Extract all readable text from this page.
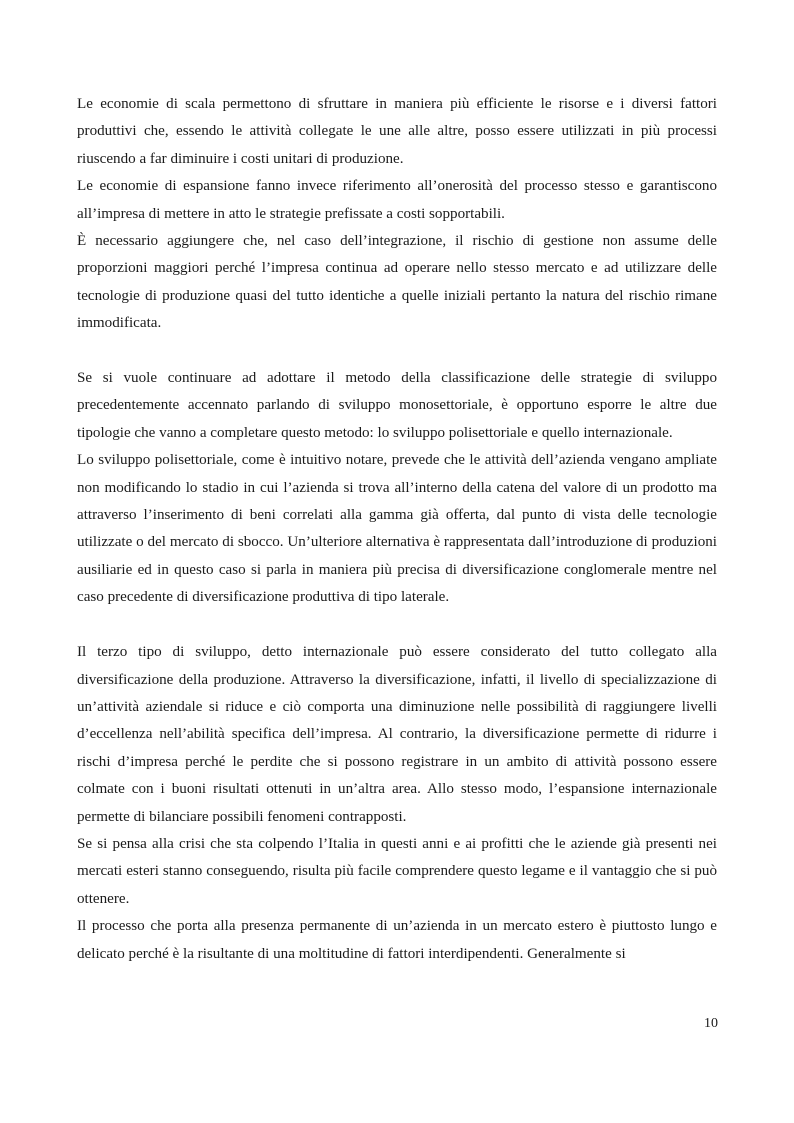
Le economie di scala permettono di sfruttare in maniera più efficiente le risorse e i diversi fattori produttivi che, essendo le attività collegate le une alle altre, posso essere utilizzati in più processi riuscendo a far diminuire i costi unitari di produzione.

Le economie di espansione fanno invece riferimento all’onerosità del processo stesso e garantiscono all’impresa di mettere in atto le strategie prefissate a costi sopportabili.

È necessario aggiungere che, nel caso dell’integrazione, il rischio di gestione non assume delle proporzioni maggiori perché l’impresa continua ad operare nello stesso mercato e ad utilizzare delle tecnologie di produzione quasi del tutto identiche a quelle iniziali pertanto la natura del rischio rimane immodificata.

Se si vuole continuare ad adottare il metodo della classificazione delle strategie di sviluppo precedentemente accennato parlando di sviluppo monosettoriale, è opportuno esporre le altre due tipologie che vanno a completare questo metodo: lo sviluppo polisettoriale e quello internazionale.

Lo sviluppo polisettoriale, come è intuitivo notare, prevede che le attività dell’azienda vengano ampliate non modificando lo stadio in cui l’azienda si trova all’interno della catena del valore di un prodotto ma attraverso l’inserimento di beni correlati alla gamma già offerta, dal punto di vista delle tecnologie utilizzate o del mercato di sbocco. Un’ulteriore alternativa è rappresentata dall’introduzione di produzioni ausiliarie ed in questo caso si parla in maniera più precisa di diversificazione conglomerale mentre nel caso precedente di diversificazione produttiva di tipo laterale.

Il terzo tipo di sviluppo, detto internazionale può essere considerato del tutto collegato alla diversificazione della produzione. Attraverso la diversificazione, infatti, il livello di specializzazione di un’attività aziendale si riduce e ciò comporta una diminuzione nelle possibilità di raggiungere livelli d’eccellenza nell’abilità specifica dell’impresa. Al contrario, la diversificazione permette di ridurre i rischi d’impresa perché le perdite che si possono registrare in un ambito di attività possono essere colmate con i buoni risultati ottenuti in un’altra area. Allo stesso modo, l’espansione internazionale permette di bilanciare possibili fenomeni contrapposti.

Se si pensa alla crisi che sta colpendo l’Italia in questi anni e ai profitti che le aziende già presenti nei mercati esteri stanno conseguendo, risulta più facile comprendere questo legame e il vantaggio che si può ottenere.

Il processo che porta alla presenza permanente di un’azienda in un mercato estero è piuttosto lungo e delicato perché è la risultante di una moltitudine di fattori interdipendenti. Generalmente si

10
